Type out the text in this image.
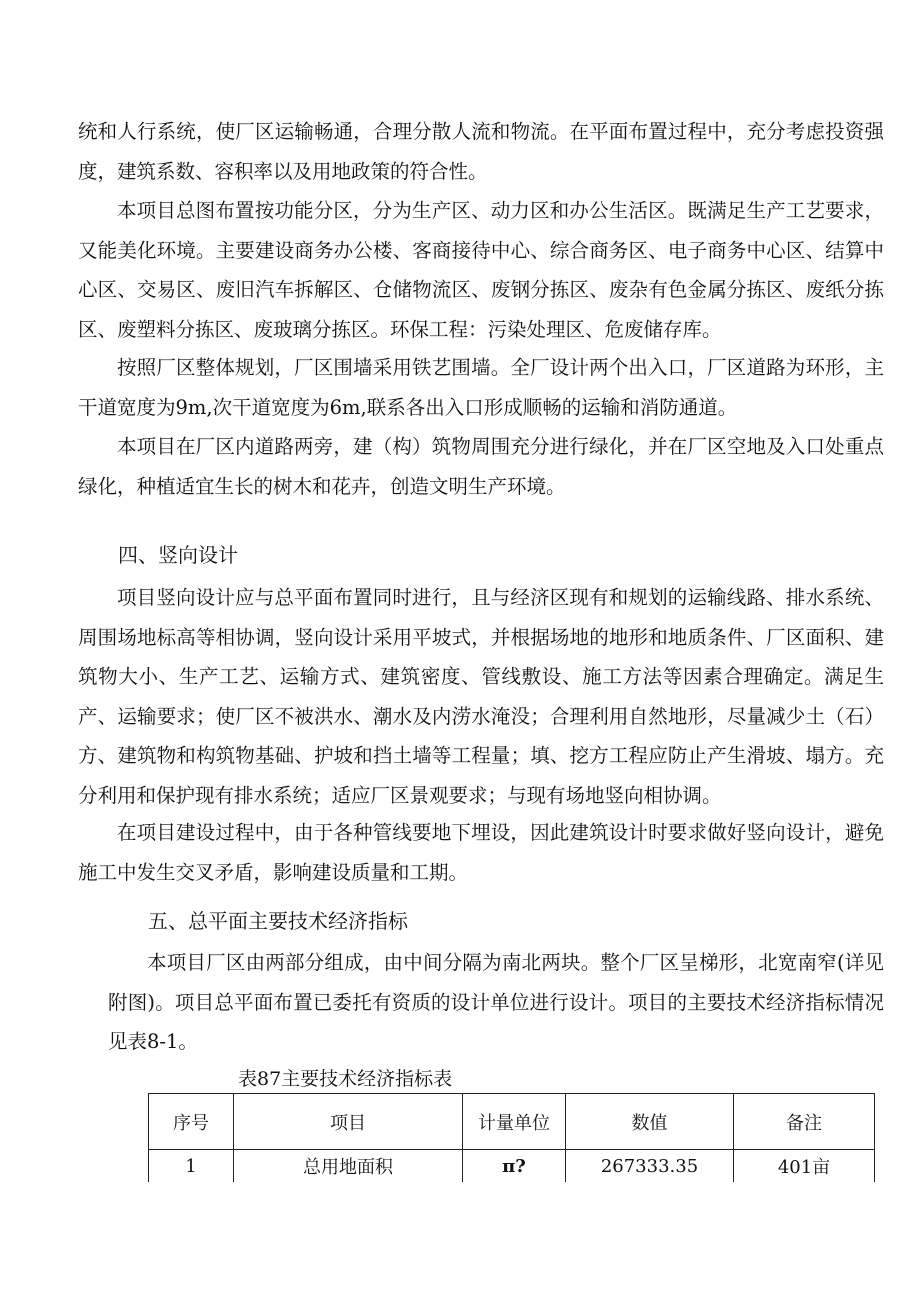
统和人行系统，使厂区运输畅通，合理分散人流和物流。在平面布置过程中，充分考虑投资强度，建筑系数、容积率以及用地政策的符合性。

本项目总图布置按功能分区，分为生产区、动力区和办公生活区。既满足生产工艺要求，又能美化环境。主要建设商务办公楼、客商接待中心、综合商务区、电子商务中心区、结算中心区、交易区、废旧汽车拆解区、仓储物流区、废钢分拣区、废杂有色金属分拣区、废纸分拣区、废塑料分拣区、废玻璃分拣区。环保工程：污染处理区、危废储存库。

按照厂区整体规划，厂区围墙采用铁艺围墙。全厂设计两个出入口，厂区道路为环形，主干道宽度为9m,次干道宽度为6m,联系各出入口形成顺畅的运输和消防通道。

本项目在厂区内道路两旁，建（构）筑物周围充分进行绿化，并在厂区空地及入口处重点绿化，种植适宜生长的树木和花卉，创造文明生产环境。

四、竖向设计

项目竖向设计应与总平面布置同时进行，且与经济区现有和规划的运输线路、排水系统、周围场地标高等相协调，竖向设计采用平坡式，并根据场地的地形和地质条件、厂区面积、建筑物大小、生产工艺、运输方式、建筑密度、管线敷设、施工方法等因素合理确定。满足生产、运输要求；使厂区不被洪水、潮水及内涝水淹没；合理利用自然地形，尽量减少土（石）方、建筑物和构筑物基础、护坡和挡土墙等工程量；填、挖方工程应防止产生滑坡、塌方。充分利用和保护现有排水系统；适应厂区景观要求；与现有场地竖向相协调。

在项目建设过程中，由于各种管线要地下埋设，因此建筑设计时要求做好竖向设计，避免施工中发生交叉矛盾，影响建设质量和工期。

五、总平面主要技术经济指标

本项目厂区由两部分组成，由中间分隔为南北两块。整个厂区呈梯形，北宽南窄(详见附图)。项目总平面布置已委托有资质的设计单位进行设计。项目的主要技术经济指标情况见表8-1。

表87主要技术经济指标表

序号	项目	计量单位	数值	备注
1	总用地面积	π?	267333.35	401亩
